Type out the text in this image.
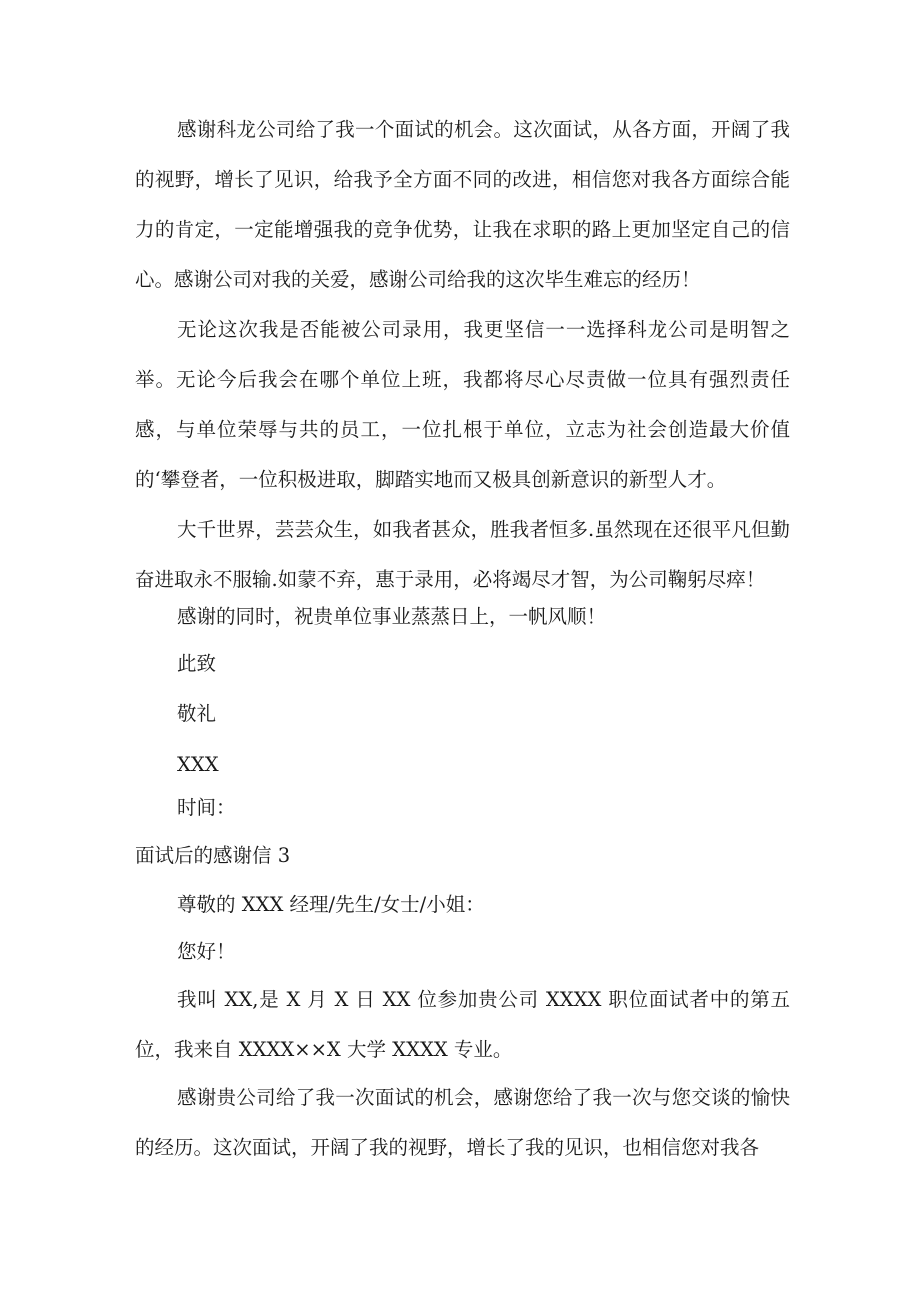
感谢科龙公司给了我一个面试的机会。这次面试，从各方面，开阔了我的视野，增长了见识，给我予全方面不同的改进，相信您对我各方面综合能力的肯定，一定能增强我的竞争优势，让我在求职的路上更加坚定自己的信心。感谢公司对我的关爱，感谢公司给我的这次毕生难忘的经历！

无论这次我是否能被公司录用，我更坚信一一选择科龙公司是明智之举。无论今后我会在哪个单位上班，我都将尽心尽责做一位具有强烈责任感，与单位荣辱与共的员工，一位扎根于单位，立志为社会创造最大价值的‘攀登者，一位积极进取，脚踏实地而又极具创新意识的新型人才。

大千世界，芸芸众生，如我者甚众，胜我者恒多.虽然现在还很平凡但勤奋进取永不服输.如蒙不弃，惠于录用，必将竭尽才智，为公司鞠躬尽瘁！

感谢的同时，祝贵单位事业蒸蒸日上，一帆风顺！

此致

敬礼

XXX

时间：

面试后的感谢信 3

尊敬的 XXX 经理/先生/女士/小姐：

您好！

我叫 XX,是 X 月 X 日 XX 位参加贵公司 XXXX 职位面试者中的第五位，我来自 XXXX××X 大学 XXXX 专业。

感谢贵公司给了我一次面试的机会，感谢您给了我一次与您交谈的愉快的经历。这次面试，开阔了我的视野，增长了我的见识，也相信您对我各
